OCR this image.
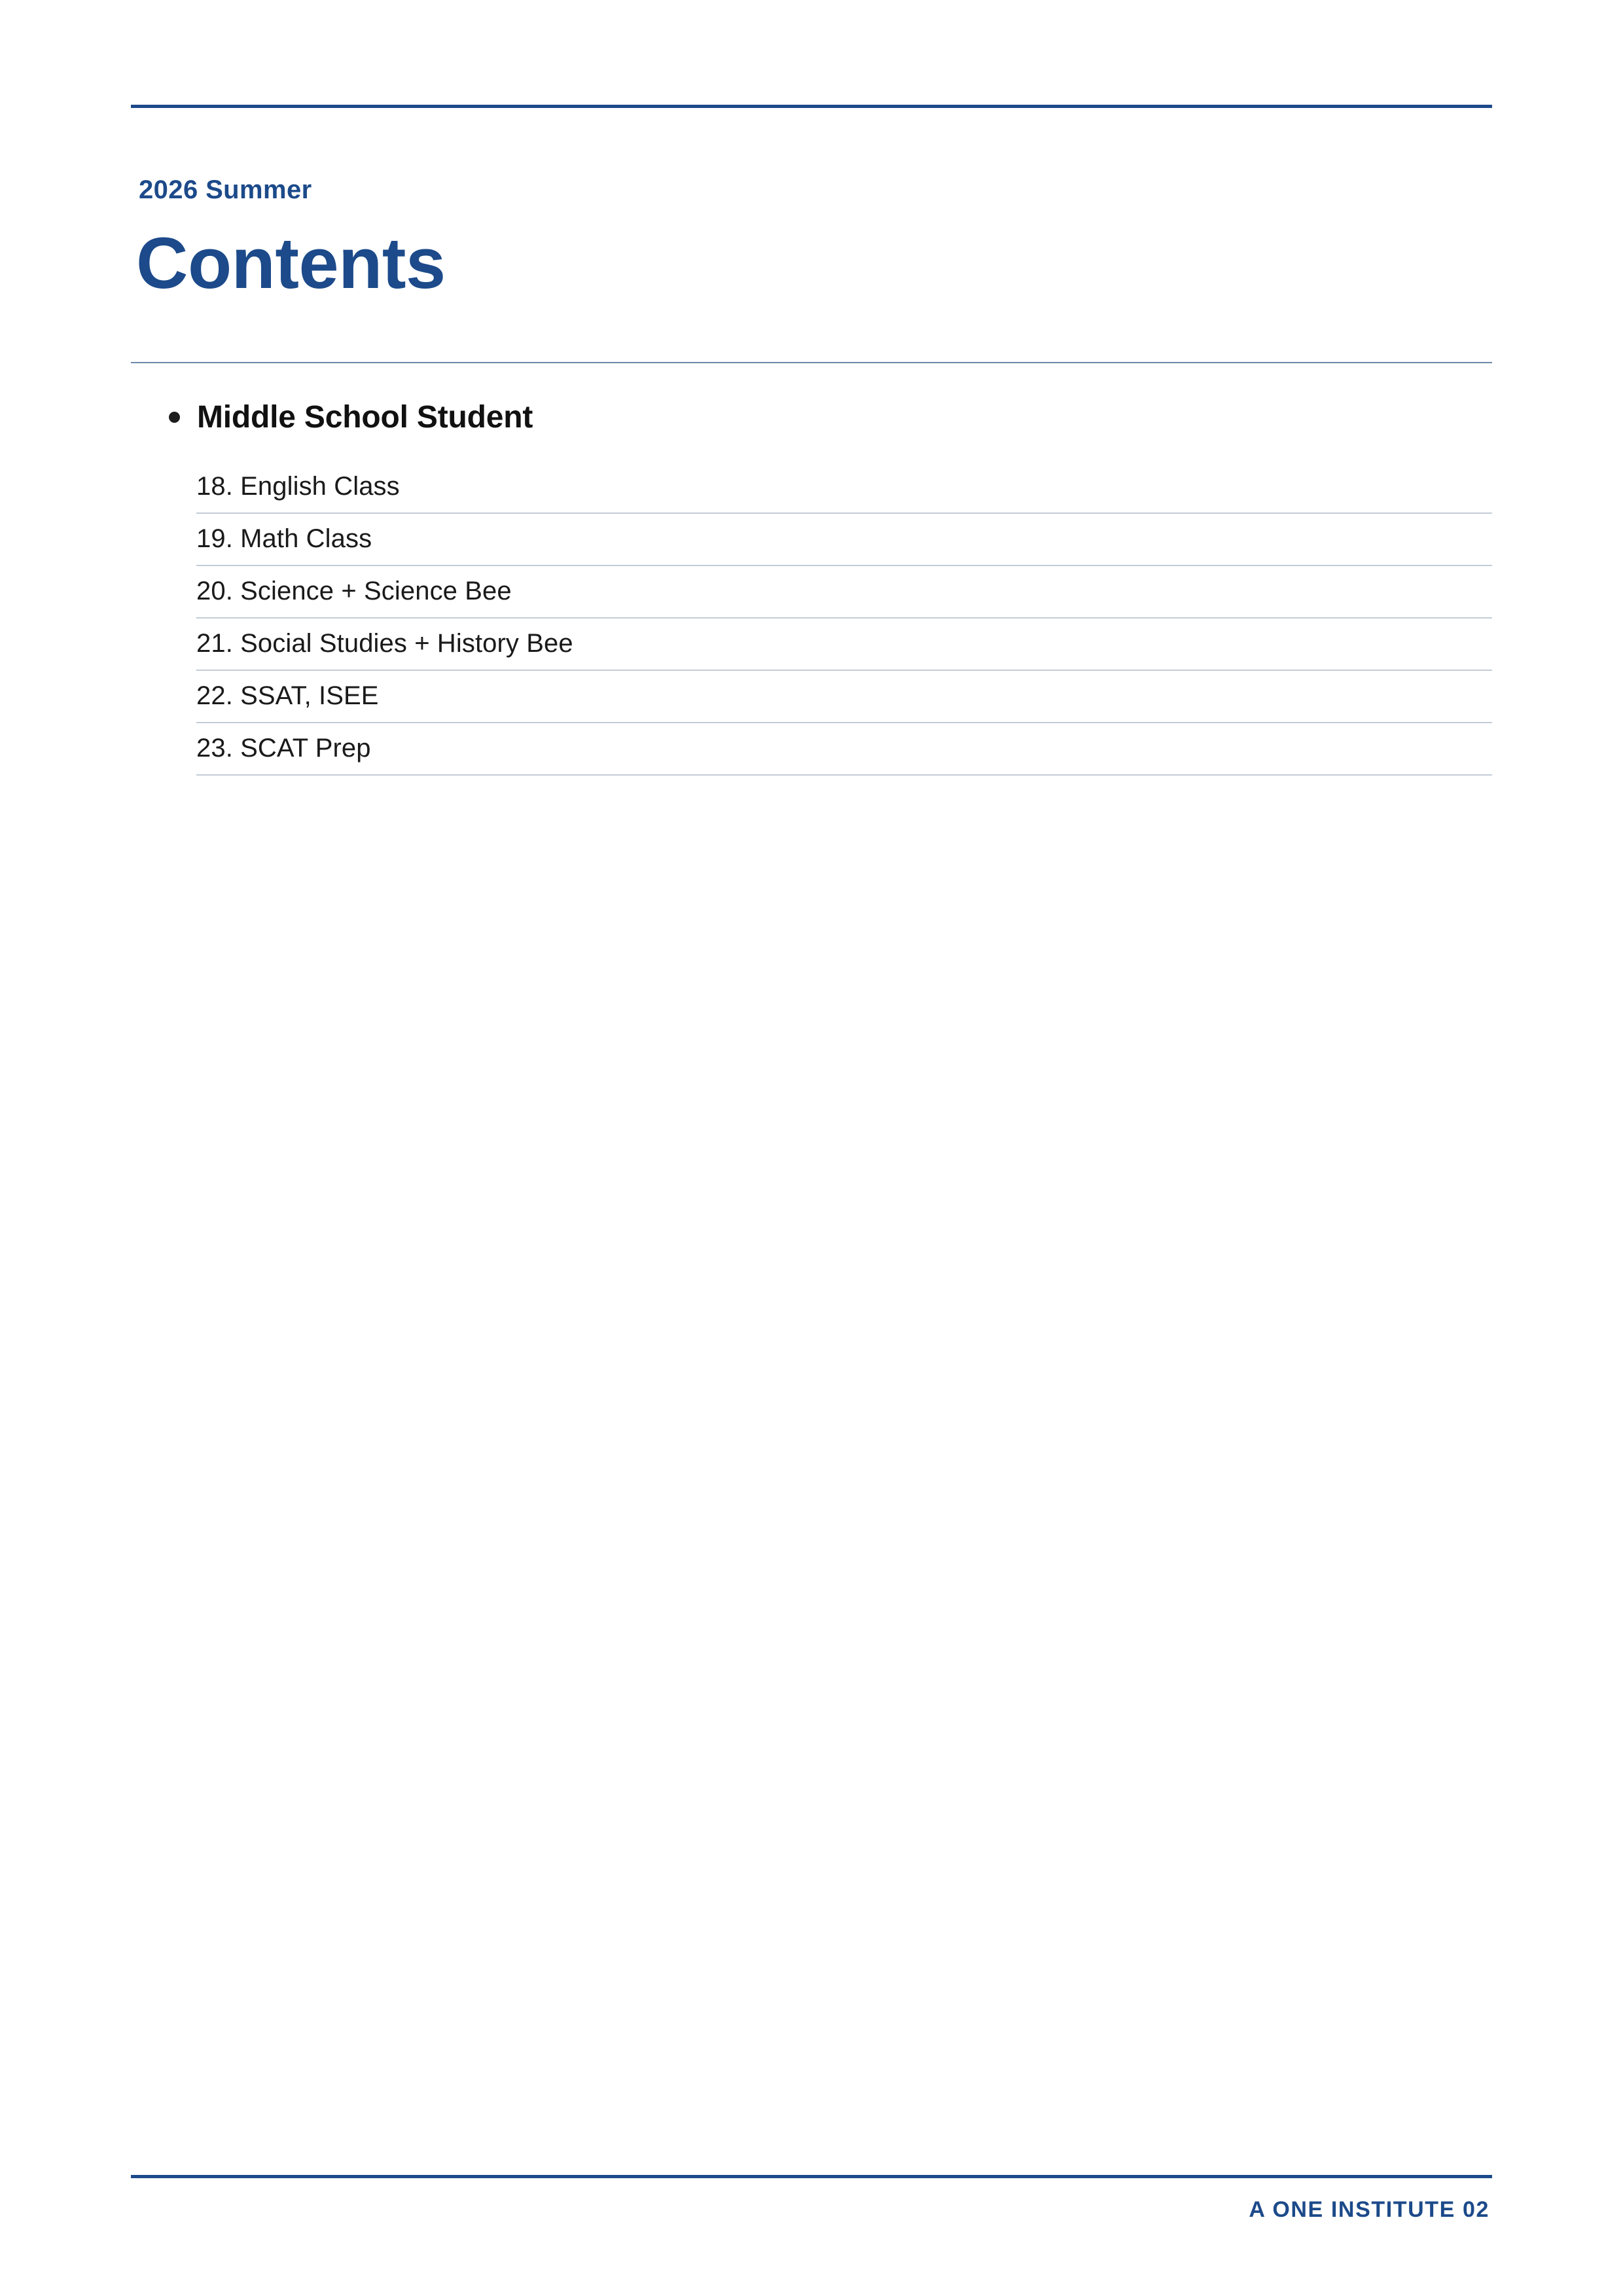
2026 Summer
Contents
Middle School Student
18. English Class
19. Math Class
20. Science + Science Bee
21. Social Studies + History Bee
22. SSAT, ISEE
23. SCAT Prep
A ONE INSTITUTE 02
